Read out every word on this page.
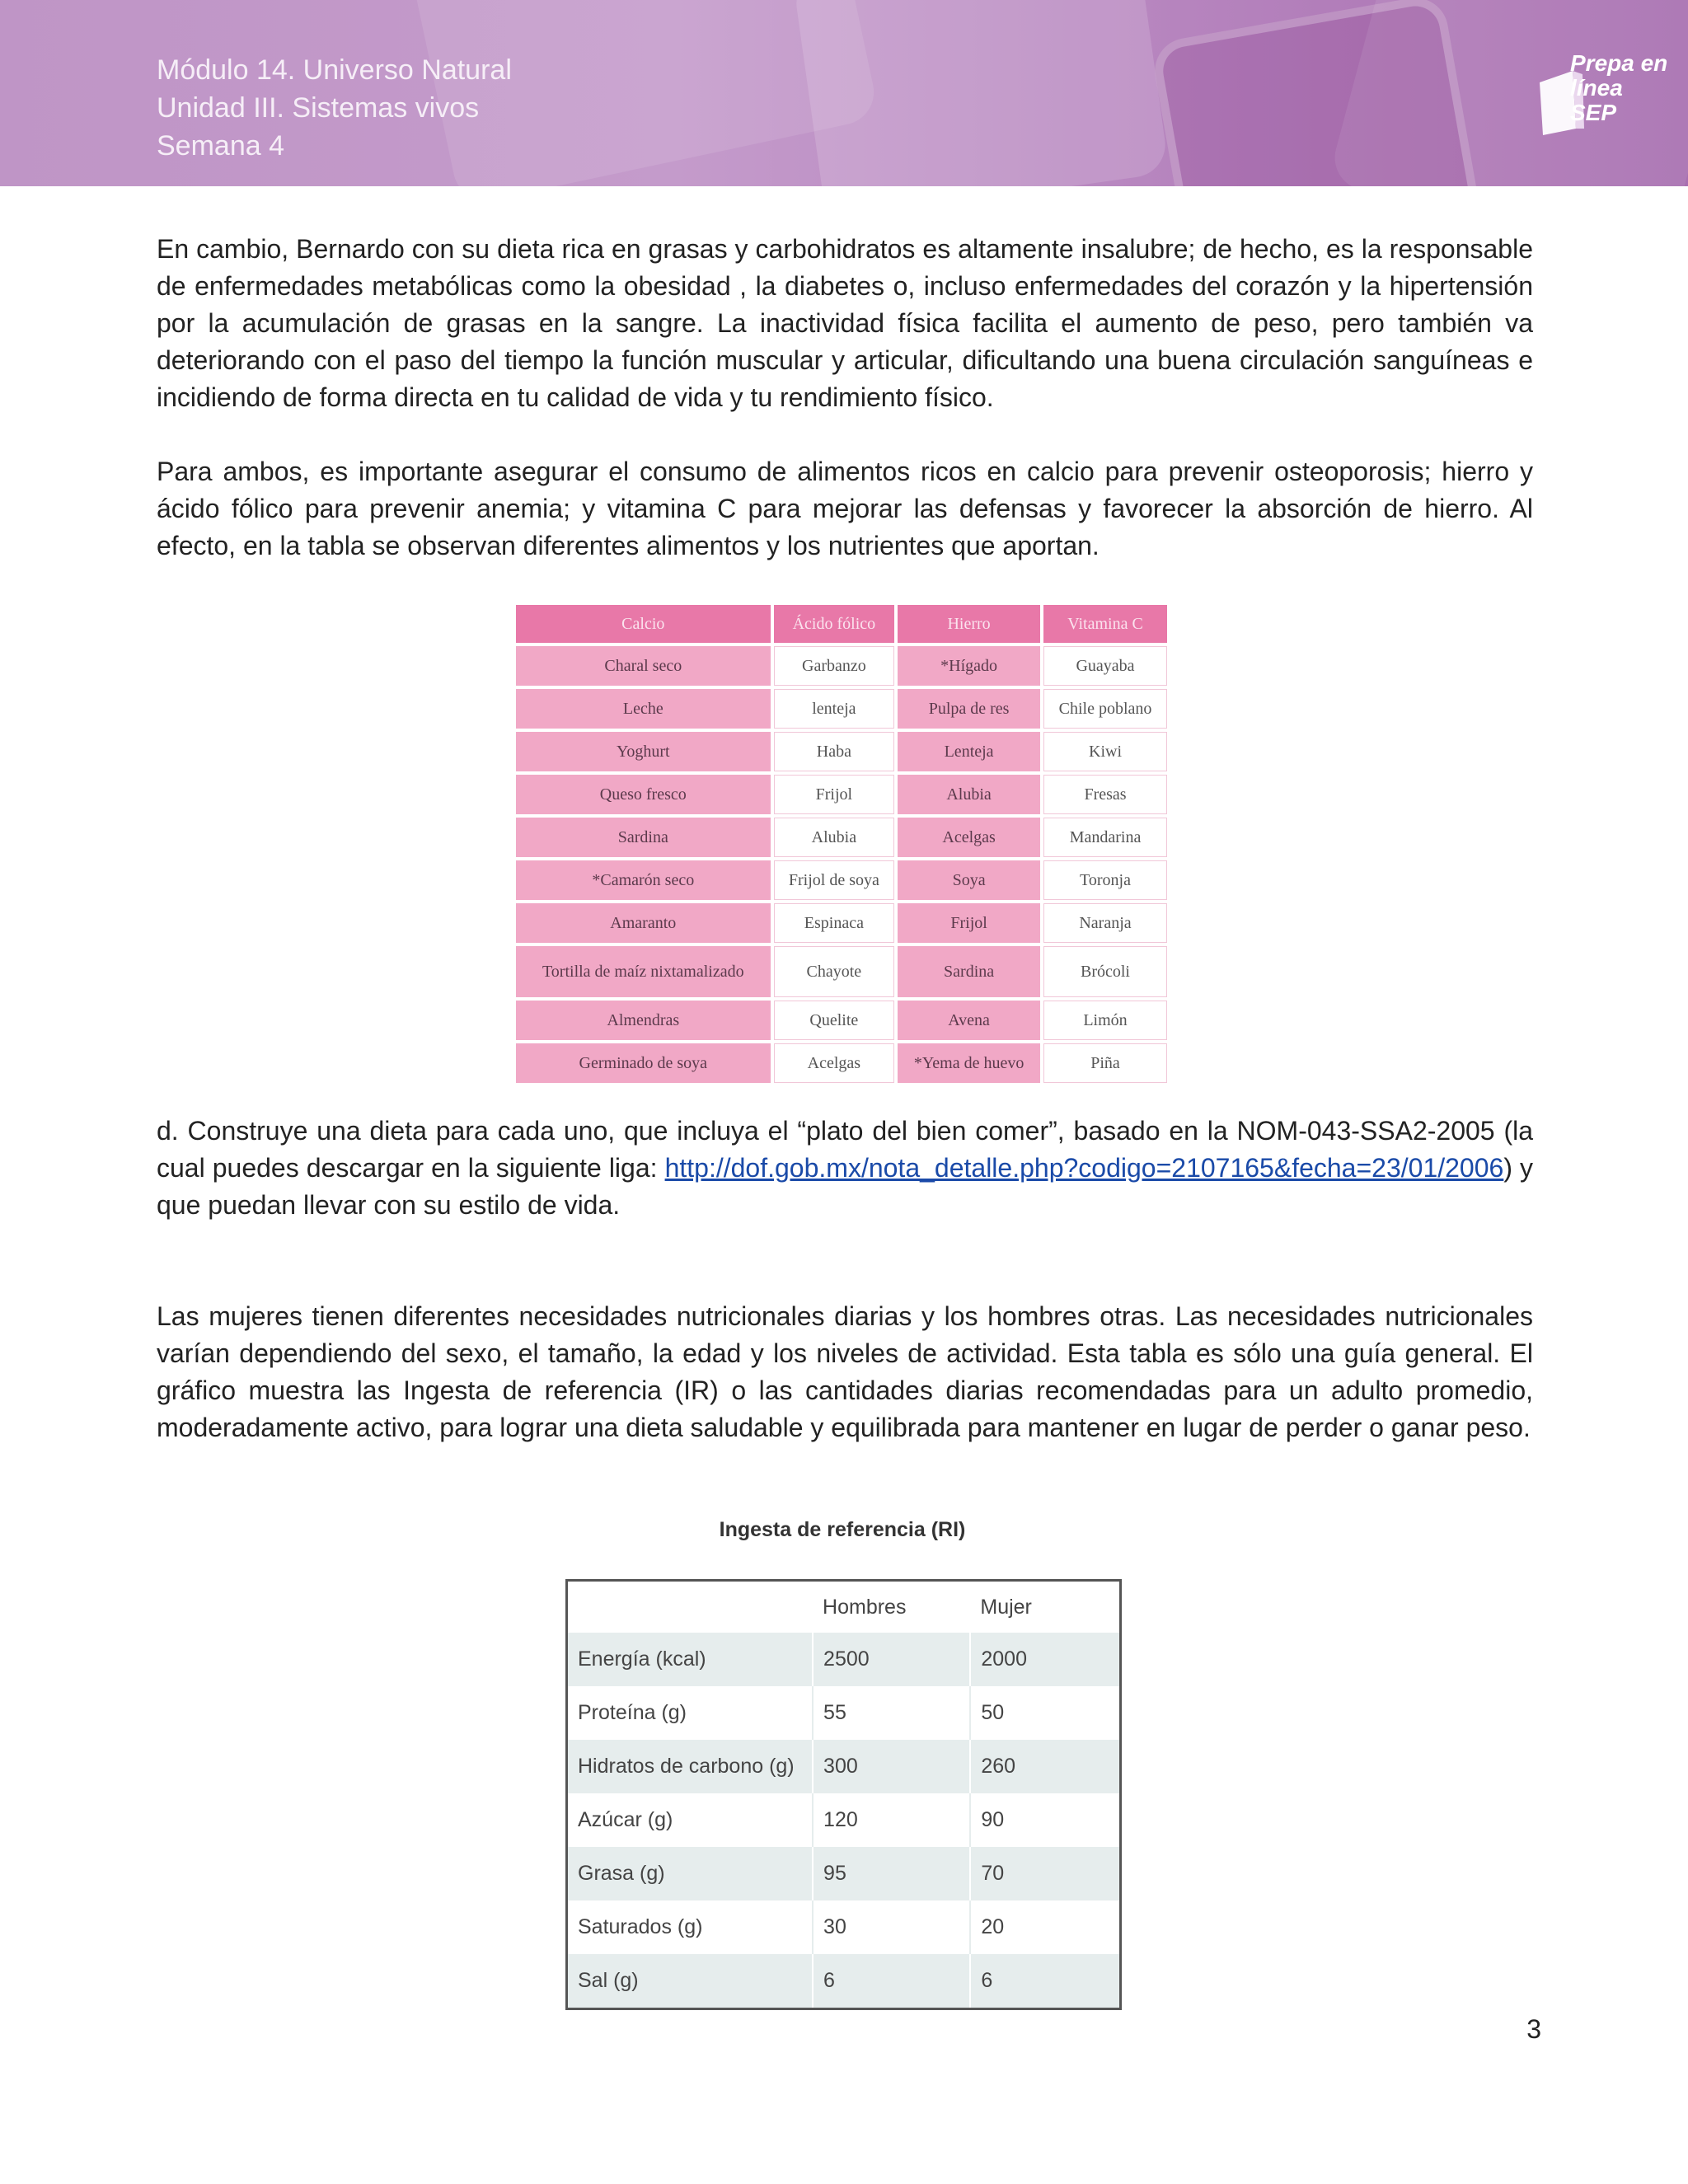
Módulo 14. Universo Natural
Unidad III. Sistemas vivos
Semana 4
Prepa en
línea
SEP
En cambio, Bernardo con su dieta rica en grasas y carbohidratos es altamente insalubre; de hecho, es la responsable de enfermedades metabólicas como la obesidad , la diabetes o, incluso enfermedades del corazón y la hipertensión por la acumulación de grasas en la sangre. La inactividad física facilita el aumento de peso, pero también va deteriorando con el paso del tiempo la función muscular y articular, dificultando una buena circulación sanguíneas e incidiendo de forma directa en tu calidad de vida y tu rendimiento físico.
Para ambos, es importante asegurar el consumo de alimentos ricos en calcio para prevenir osteoporosis; hierro y ácido fólico para prevenir anemia; y vitamina C para mejorar las defensas y favorecer la absorción de hierro. Al efecto, en la tabla se observan diferentes alimentos y los nutrientes que aportan.
Calcio	Ácido fólico	Hierro	Vitamina C
Charal seco	Garbanzo	*Hígado	Guayaba
Leche	lenteja	Pulpa de res	Chile poblano
Yoghurt	Haba	Lenteja	Kiwi
Queso fresco	Frijol	Alubia	Fresas
Sardina	Alubia	Acelgas	Mandarina
*Camarón seco	Frijol de soya	Soya	Toronja
Amaranto	Espinaca	Frijol	Naranja
Tortilla de maíz nixtamalizado	Chayote	Sardina	Brócoli
Almendras	Quelite	Avena	Limón
Germinado de soya	Acelgas	*Yema de huevo	Piña
d. Construye una dieta para cada uno, que incluya el “plato del bien comer”, basado en la NOM-043-SSA2-2005 (la cual puedes descargar en la siguiente liga: http://dof.gob.mx/nota_detalle.php?codigo=2107165&fecha=23/01/2006) y que puedan llevar con su estilo de vida.
Las mujeres tienen diferentes necesidades nutricionales diarias y los hombres otras. Las necesidades nutricionales varían dependiendo del sexo, el tamaño, la edad y los niveles de actividad. Esta tabla es sólo una guía general. El gráfico muestra las Ingesta de referencia (IR) o las cantidades diarias recomendadas para un adulto promedio, moderadamente activo, para lograr una dieta saludable y equilibrada para mantener en lugar de perder o ganar peso.
Ingesta de referencia (RI)
	Hombres	Mujer
Energía (kcal)	2500	2000
Proteína (g)	55	50
Hidratos de carbono (g)	300	260
Azúcar (g)	120	90
Grasa (g)	95	70
Saturados (g)	30	20
Sal (g)	6	6
3
